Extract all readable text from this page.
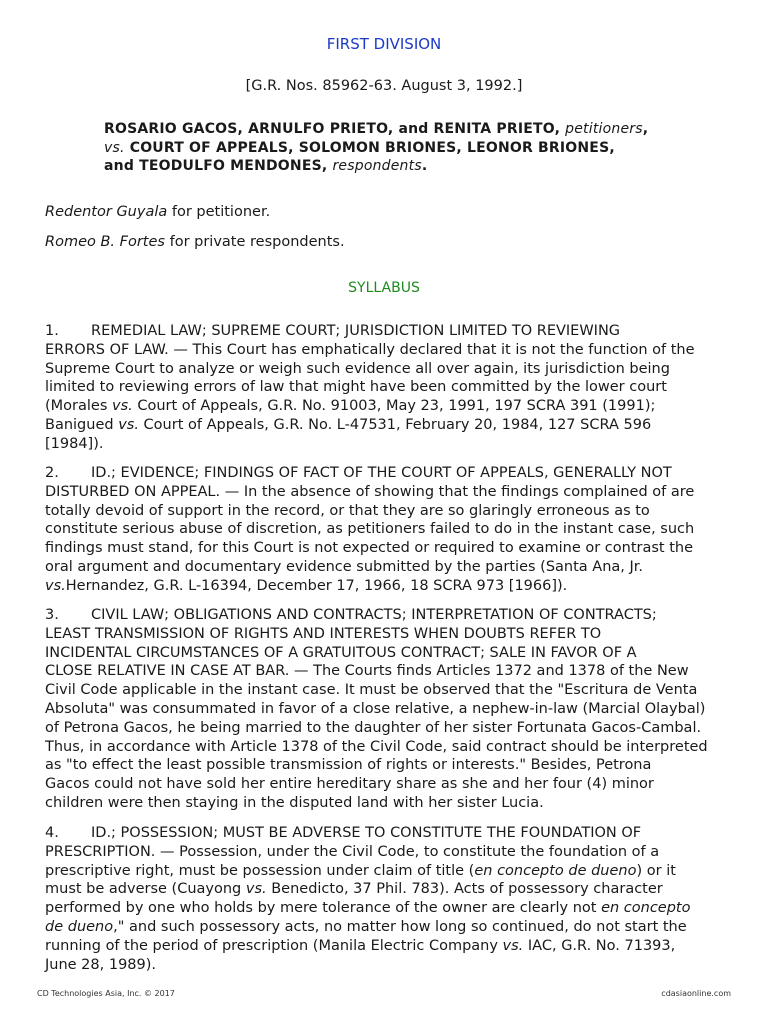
FIRST DIVISION
[G.R. Nos. 85962-63. August 3, 1992.]
ROSARIO GACOS, ARNULFO PRIETO, and RENITA PRIETO, petitioners,
vs. COURT OF APPEALS, SOLOMON BRIONES, LEONOR BRIONES,
and TEODULFO MENDONES, respondents.
Redentor Guyala for petitioner.
Romeo B. Fortes for private respondents.
SYLLABUS
1. REMEDIAL LAW; SUPREME COURT; JURISDICTION LIMITED TO REVIEWING
ERRORS OF LAW. — This Court has emphatically declared that it is not the function of the
Supreme Court to analyze or weigh such evidence all over again, its jurisdiction being
limited to reviewing errors of law that might have been committed by the lower court
(Morales vs. Court of Appeals, G.R. No. 91003, May 23, 1991, 197 SCRA 391 (1991);
Banigued vs. Court of Appeals, G.R. No. L-47531, February 20, 1984, 127 SCRA 596
[1984]).
2. ID.; EVIDENCE; FINDINGS OF FACT OF THE COURT OF APPEALS, GENERALLY NOT
DISTURBED ON APPEAL. — In the absence of showing that the findings complained of are
totally devoid of support in the record, or that they are so glaringly erroneous as to
constitute serious abuse of discretion, as petitioners failed to do in the instant case, such
findings must stand, for this Court is not expected or required to examine or contrast the
oral argument and documentary evidence submitted by the parties (Santa Ana, Jr.
vs.Hernandez, G.R. L-16394, December 17, 1966, 18 SCRA 973 [1966]).
3. CIVIL LAW; OBLIGATIONS AND CONTRACTS; INTERPRETATION OF CONTRACTS;
LEAST TRANSMISSION OF RIGHTS AND INTERESTS WHEN DOUBTS REFER TO
INCIDENTAL CIRCUMSTANCES OF A GRATUITOUS CONTRACT; SALE IN FAVOR OF A
CLOSE RELATIVE IN CASE AT BAR. — The Courts finds Articles 1372 and 1378 of the New
Civil Code applicable in the instant case. It must be observed that the "Escritura de Venta
Absoluta" was consummated in favor of a close relative, a nephew-in-law (Marcial Olaybal)
of Petrona Gacos, he being married to the daughter of her sister Fortunata Gacos-Cambal.
Thus, in accordance with Article 1378 of the Civil Code, said contract should be interpreted
as "to effect the least possible transmission of rights or interests." Besides, Petrona
Gacos could not have sold her entire hereditary share as she and her four (4) minor
children were then staying in the disputed land with her sister Lucia.
4. ID.; POSSESSION; MUST BE ADVERSE TO CONSTITUTE THE FOUNDATION OF
PRESCRIPTION. — Possession, under the Civil Code, to constitute the foundation of a
prescriptive right, must be possession under claim of title (en concepto de dueno) or it
must be adverse (Cuayong vs. Benedicto, 37 Phil. 783). Acts of possessory character
performed by one who holds by mere tolerance of the owner are clearly not en concepto
de dueno," and such possessory acts, no matter how long so continued, do not start the
running of the period of prescription (Manila Electric Company vs. IAC, G.R. No. 71393,
June 28, 1989).
CD Technologies Asia, Inc. © 2017	cdasiaonline.com
